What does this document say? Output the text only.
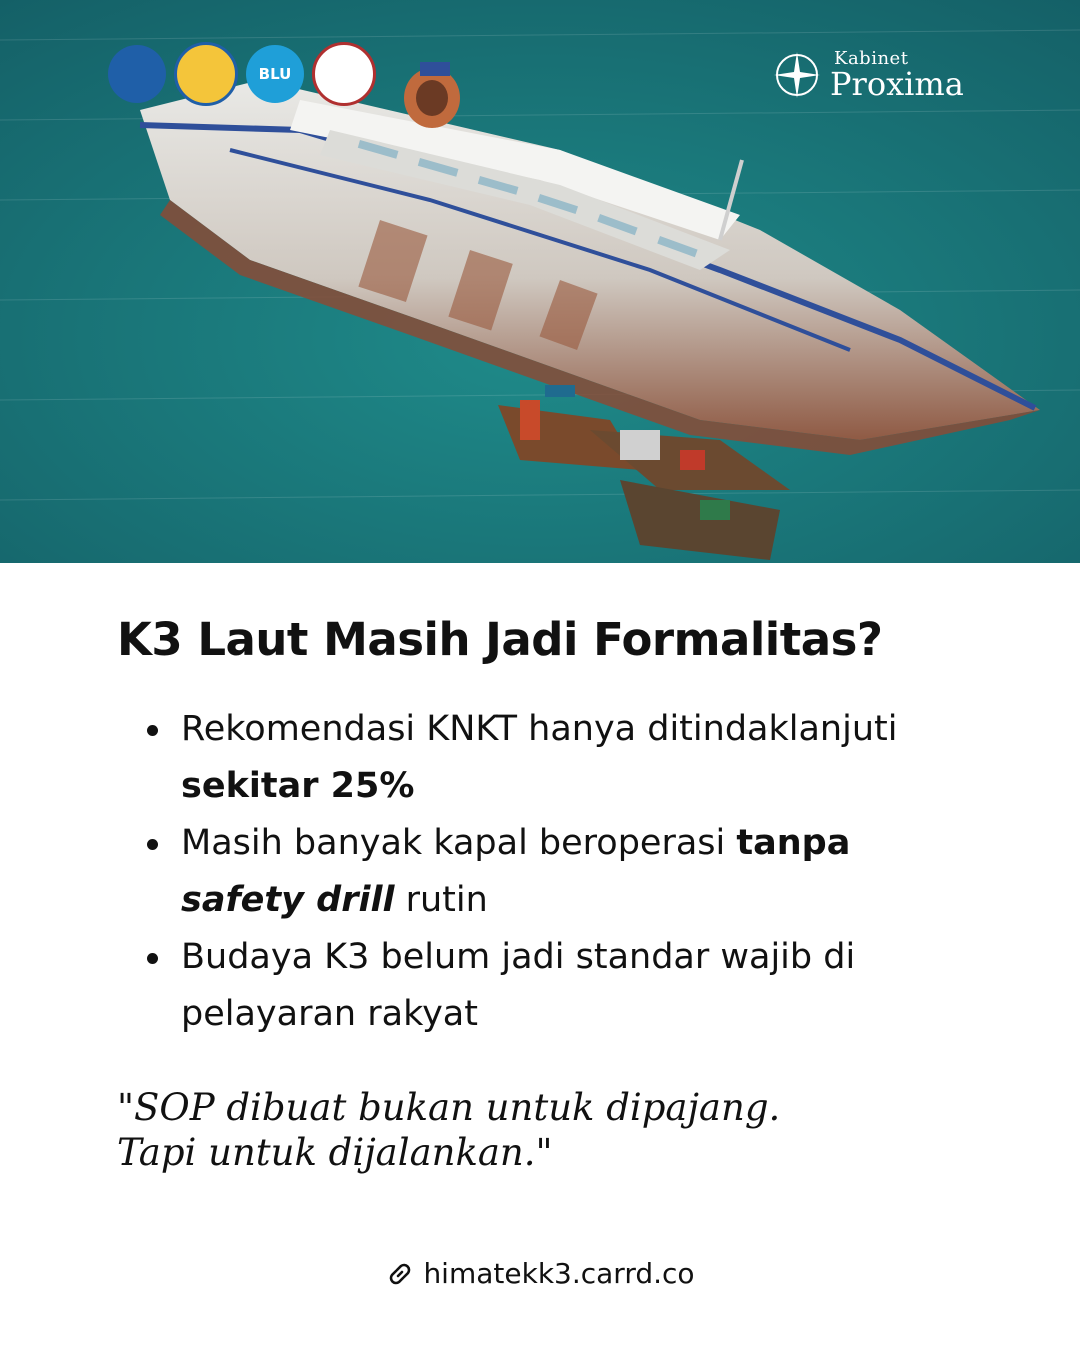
BLU
Kabinet
Proxima
K3 Laut Masih Jadi Formalitas?
Rekomendasi KNKT hanya ditindaklanjuti sekitar 25%
Masih banyak kapal beroperasi tanpa
safety drill rutin
Budaya K3 belum jadi standar wajib di pelayaran rakyat

"SOP dibuat bukan untuk dipajang.
Tapi untuk dijalankan."

himatekk3.carrd.co
